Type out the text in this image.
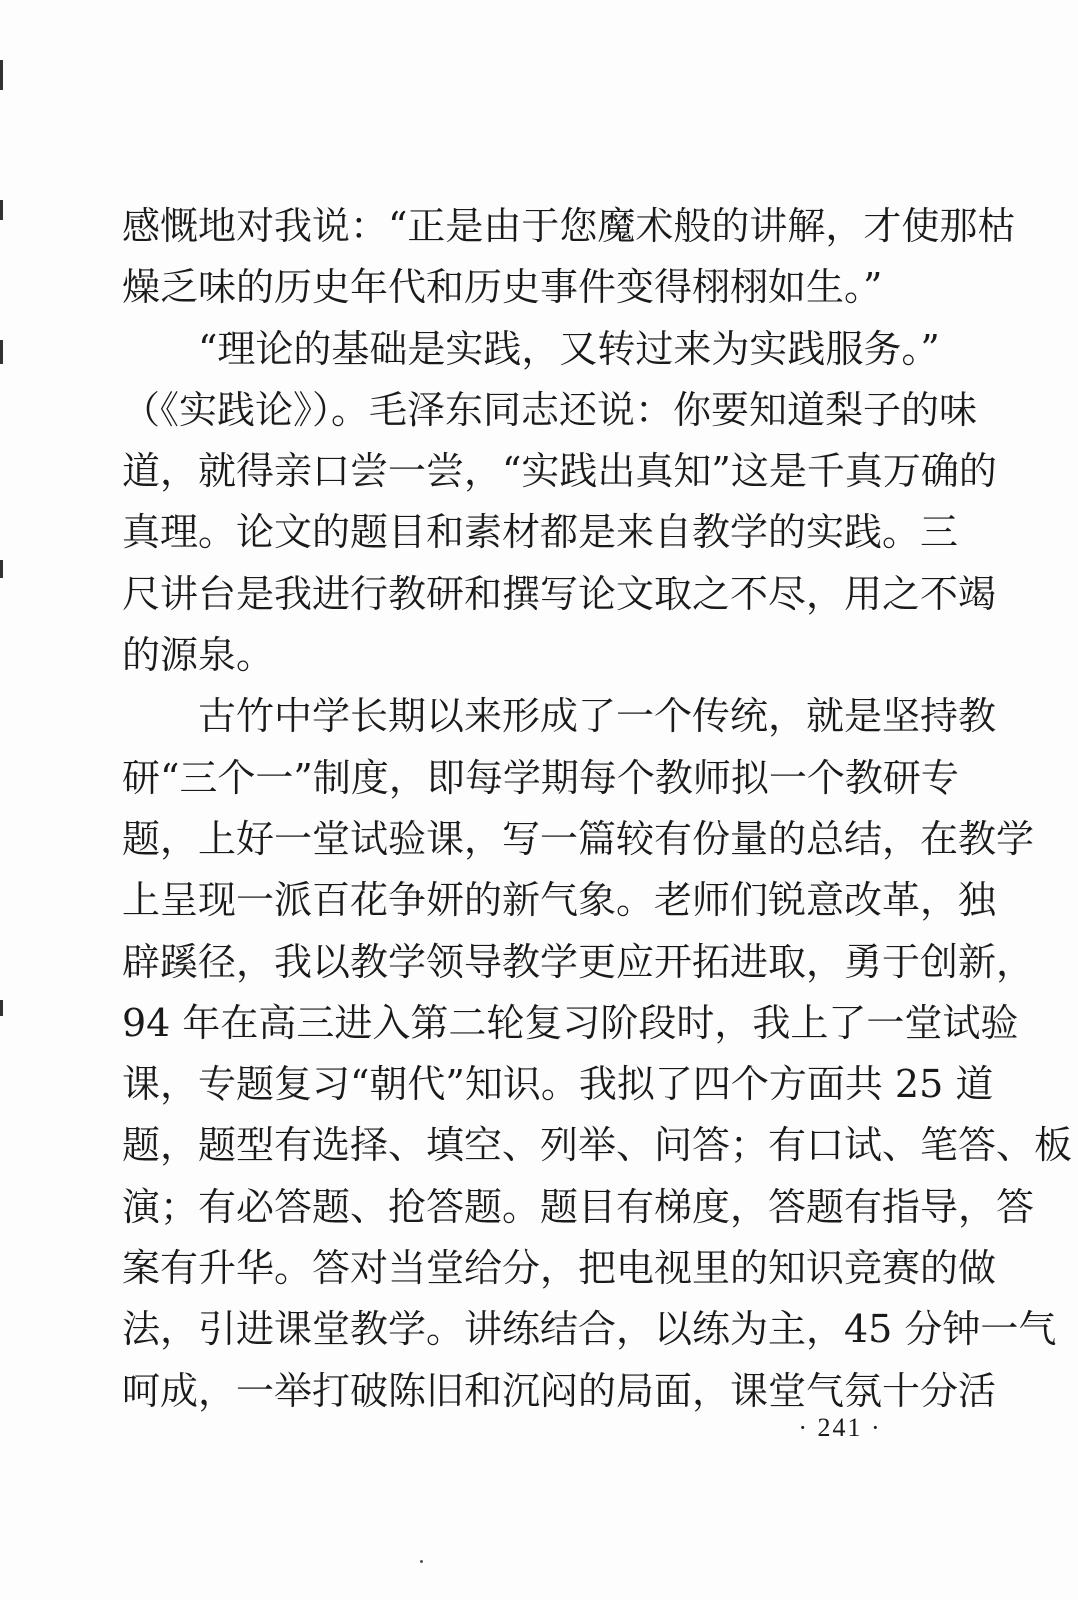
感慨地对我说：“正是由于您魔术般的讲解，才使那枯
燥乏味的历史年代和历史事件变得栩栩如生。”
　　“理论的基础是实践，又转过来为实践服务。”
（《实践论》）。毛泽东同志还说：你要知道梨子的味
道，就得亲口尝一尝，“实践出真知”这是千真万确的
真理。论文的题目和素材都是来自教学的实践。三
尺讲台是我进行教研和撰写论文取之不尽，用之不竭
的源泉。
　　古竹中学长期以来形成了一个传统，就是坚持教
研“三个一”制度，即每学期每个教师拟一个教研专
题，上好一堂试验课，写一篇较有份量的总结，在教学
上呈现一派百花争妍的新气象。老师们锐意改革，独
辟蹊径，我以教学领导教学更应开拓进取，勇于创新，
94 年在高三进入第二轮复习阶段时，我上了一堂试验
课，专题复习“朝代”知识。我拟了四个方面共 25 道
题，题型有选择、填空、列举、问答；有口试、笔答、板
演；有必答题、抢答题。题目有梯度，答题有指导，答
案有升华。答对当堂给分，把电视里的知识竞赛的做
法，引进课堂教学。讲练结合，以练为主，45 分钟一气
呵成，一举打破陈旧和沉闷的局面，课堂气氛十分活
· 241 ·
